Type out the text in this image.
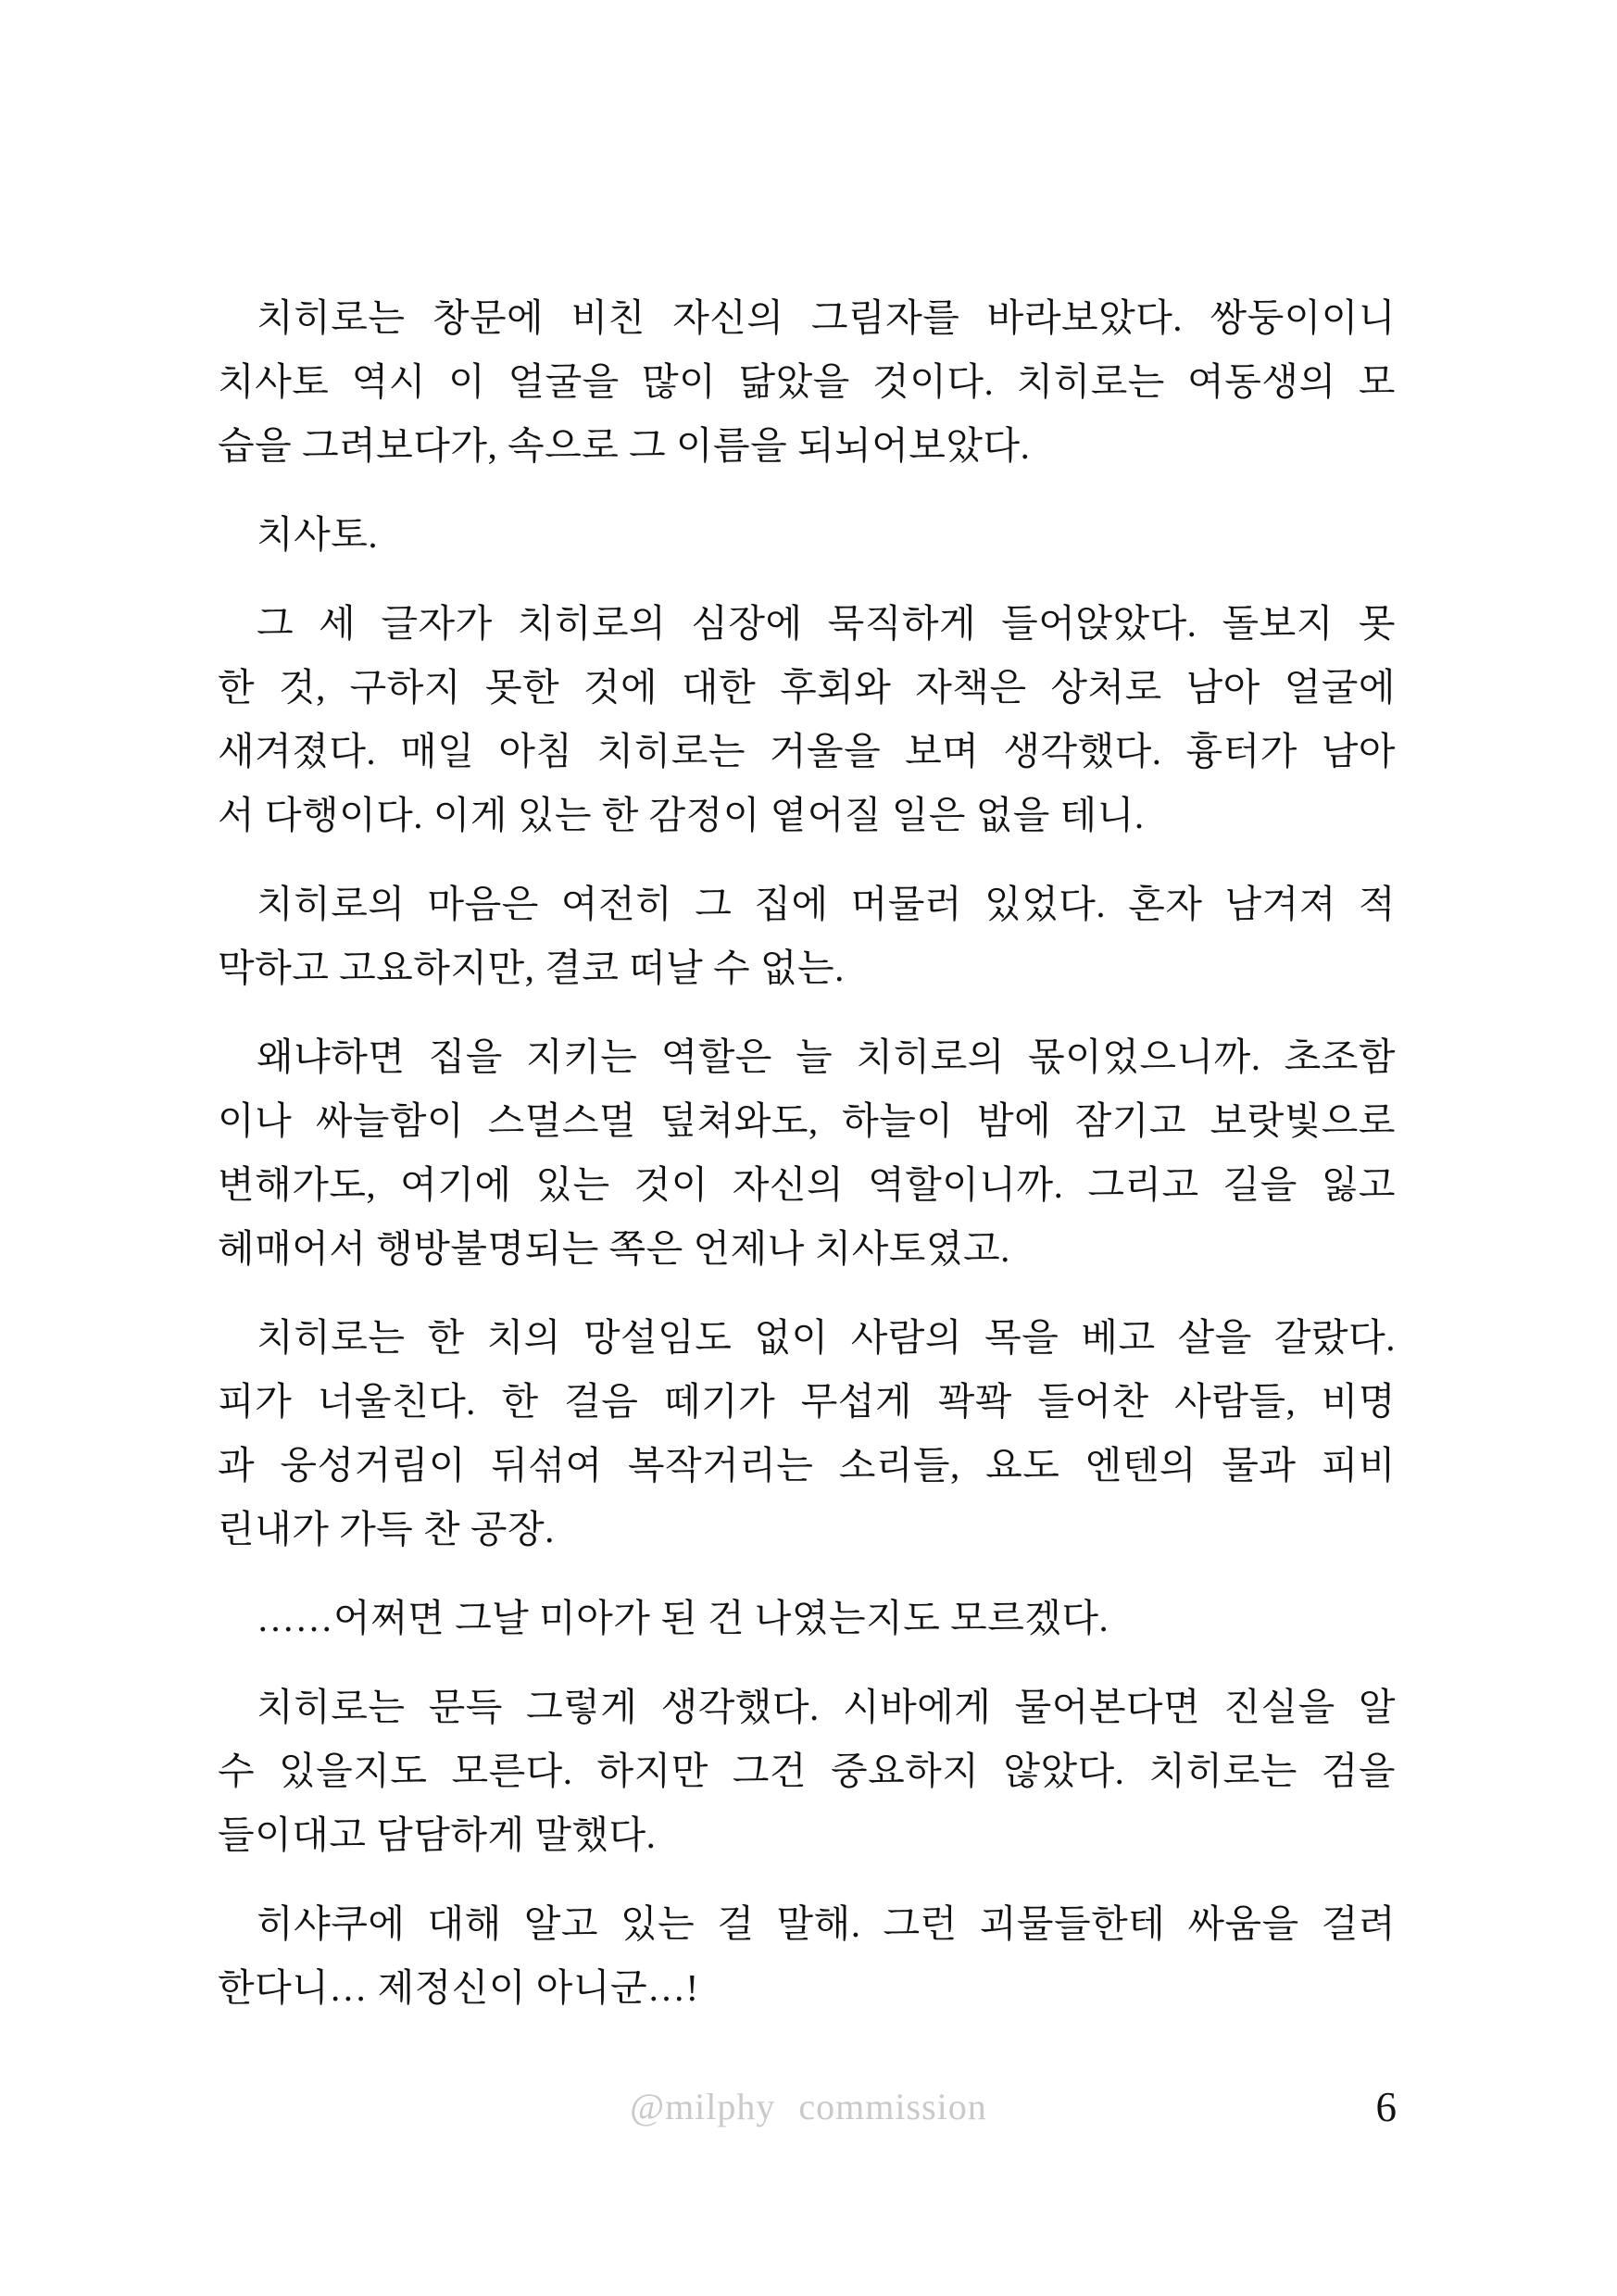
치히로는 창문에 비친 자신의 그림자를 바라보았다. 쌍둥이이니
치사토 역시 이 얼굴을 많이 닮았을 것이다. 치히로는 여동생의 모
습을 그려보다가, 속으로 그 이름을 되뇌어보았다.
치사토.
그 세 글자가 치히로의 심장에 묵직하게 들어앉았다. 돌보지 못
한 것, 구하지 못한 것에 대한 후회와 자책은 상처로 남아 얼굴에
새겨졌다. 매일 아침 치히로는 거울을 보며 생각했다. 흉터가 남아
서 다행이다. 이게 있는 한 감정이 옅어질 일은 없을 테니.
치히로의 마음은 여전히 그 집에 머물러 있었다. 혼자 남겨져 적
막하고 고요하지만, 결코 떠날 수 없는.
왜냐하면 집을 지키는 역할은 늘 치히로의 몫이었으니까. 초조함
이나 싸늘함이 스멀스멀 덮쳐와도, 하늘이 밤에 잠기고 보랏빛으로
변해가도, 여기에 있는 것이 자신의 역할이니까. 그리고 길을 잃고
헤매어서 행방불명되는 쪽은 언제나 치사토였고.
치히로는 한 치의 망설임도 없이 사람의 목을 베고 살을 갈랐다.
피가 너울친다. 한 걸음 떼기가 무섭게 꽉꽉 들어찬 사람들, 비명
과 웅성거림이 뒤섞여 복작거리는 소리들, 요도 엔텐의 물과 피비
린내가 가득 찬 공장.
……어쩌면 그날 미아가 된 건 나였는지도 모르겠다.
치히로는 문득 그렇게 생각했다. 시바에게 물어본다면 진실을 알
수 있을지도 모른다. 하지만 그건 중요하지 않았다. 치히로는 검을
들이대고 담담하게 말했다.
히샤쿠에 대해 알고 있는 걸 말해. 그런 괴물들한테 싸움을 걸려
한다니… 제정신이 아니군…!
@milphy commission	6
